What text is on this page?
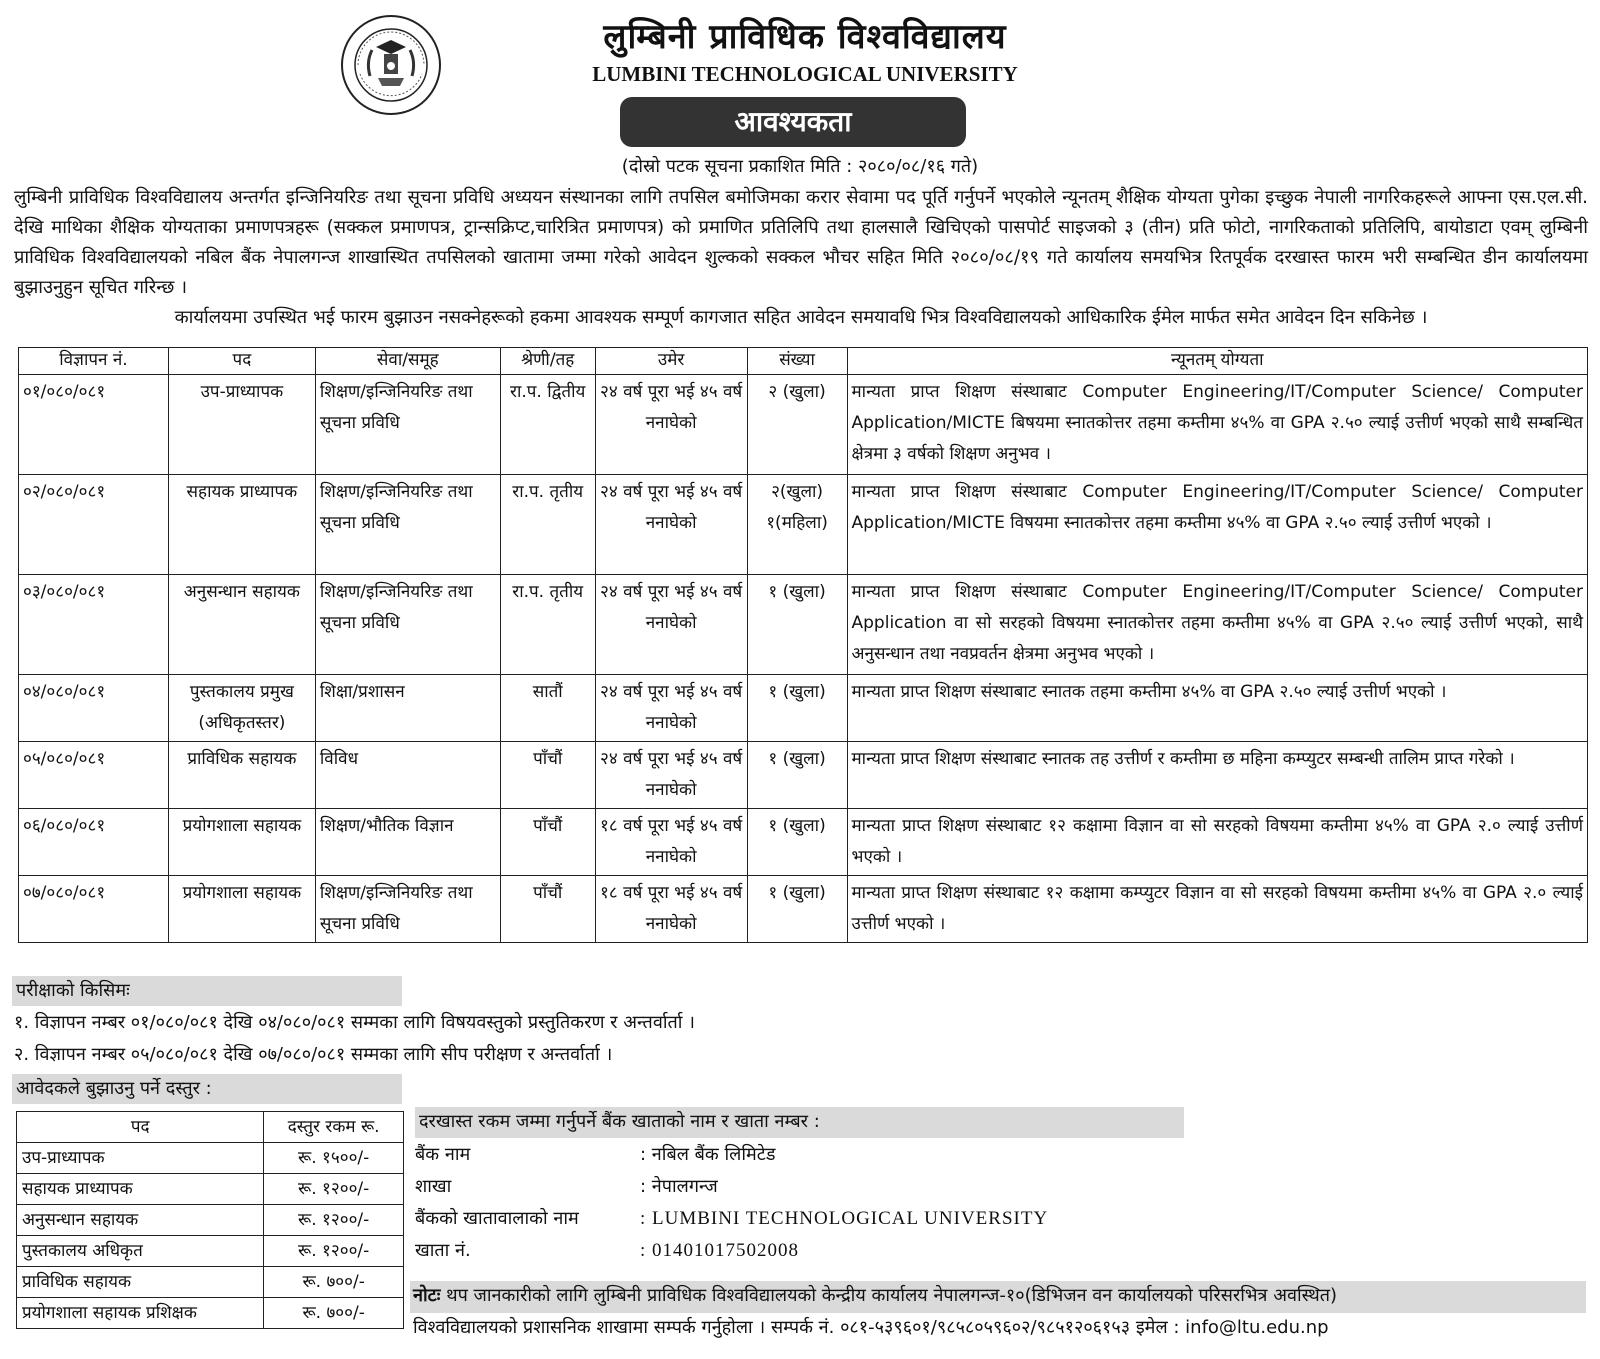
लुम्बिनी प्राविधिक विश्वविद्यालय
LUMBINI TECHNOLOGICAL UNIVERSITY
आवश्यकता
(दोस्रो पटक सूचना प्रकाशित मिति : २०८०/०८/१६ गते)

लुम्बिनी प्राविधिक विश्वविद्यालय अन्तर्गत इन्जिनियरिङ तथा सूचना प्रविधि अध्ययन संस्थानका लागि तपसिल बमोजिमका करार सेवामा पद पूर्ति गर्नुपर्ने भएकोले न्यूनतम् शैक्षिक योग्यता पुगेका इच्छुक नेपाली नागरिकहरूले आफ्ना एस.एल.सी. देखि माथिका शैक्षिक योग्यताका प्रमाणपत्रहरू (सक्कल प्रमाणपत्र, ट्रान्सक्रिप्ट,चारित्रित प्रमाणपत्र) को प्रमाणित प्रतिलिपि तथा हालसालै खिचिएको पासपोर्ट साइजको ३ (तीन) प्रति फोटो, नागरिकताको प्रतिलिपि, बायोडाटा एवम् लुम्बिनी प्राविधिक विश्वविद्यालयको नबिल बैंक नेपालगन्ज शाखास्थित तपसिलको खातामा जम्मा गरेको आवेदन शुल्कको सक्कल भौचर सहित मिति २०८०/०८/१९ गते कार्यालय समयभित्र रितपूर्वक दरखास्त फारम भरी सम्बन्धित डीन कार्यालयमा बुझाउनुहुन सूचित गरिन्छ ।

कार्यालयमा उपस्थित भई फारम बुझाउन नसक्नेहरूको हकमा आवश्यक सम्पूर्ण कागजात सहित आवेदन समयावधि भित्र विश्वविद्यालयको आधिकारिक ईमेल मार्फत समेत आवेदन दिन सकिनेछ ।

विज्ञापन नं.	पद	सेवा/समूह	श्रेणी/तह	उमेर	संख्या	न्यूनतम् योग्यता
०१/०८०/०८१	उप-प्राध्यापक	शिक्षण/इन्जिनियरिङ तथा सूचना प्रविधि	रा.प. द्वितीय	२४ वर्ष पूरा भई ४५ वर्ष ननाघेको	२ (खुला)	मान्यता प्राप्त शिक्षण संस्थाबाट Computer Engineering/IT/Computer Science/ Computer Application/MICTE बिषयमा स्नातकोत्तर तहमा कम्तीमा ४५% वा GPA २.५० ल्याई उत्तीर्ण भएको साथै सम्बन्धित क्षेत्रमा ३ वर्षको शिक्षण अनुभव ।
०२/०८०/०८१	सहायक प्राध्यापक	शिक्षण/इन्जिनियरिङ तथा सूचना प्रविधि	रा.प. तृतीय	२४ वर्ष पूरा भई ४५ वर्ष ननाघेको	२(खुला) १(महिला)	मान्यता प्राप्त शिक्षण संस्थाबाट Computer Engineering/IT/Computer Science/ Computer Application/MICTE विषयमा स्नातकोत्तर तहमा कम्तीमा ४५% वा GPA २.५० ल्याई उत्तीर्ण भएको ।
०३/०८०/०८१	अनुसन्धान सहायक	शिक्षण/इन्जिनियरिङ तथा सूचना प्रविधि	रा.प. तृतीय	२४ वर्ष पूरा भई ४५ वर्ष ननाघेको	१ (खुला)	मान्यता प्राप्त शिक्षण संस्थाबाट Computer Engineering/IT/Computer Science/ Computer Application वा सो सरहको विषयमा स्नातकोत्तर तहमा कम्तीमा ४५% वा GPA २.५० ल्याई उत्तीर्ण भएको, साथै अनुसन्धान तथा नवप्रवर्तन क्षेत्रमा अनुभव भएको ।
०४/०८०/०८१	पुस्तकालय प्रमुख (अधिकृतस्तर)	शिक्षा/प्रशासन	सातौं	२४ वर्ष पूरा भई ४५ वर्ष ननाघेको	१ (खुला)	मान्यता प्राप्त शिक्षण संस्थाबाट स्नातक तहमा कम्तीमा ४५% वा GPA २.५० ल्याई उत्तीर्ण भएको ।
०५/०८०/०८१	प्राविधिक सहायक	विविध	पाँचौं	२४ वर्ष पूरा भई ४५ वर्ष ननाघेको	१ (खुला)	मान्यता प्राप्त शिक्षण संस्थाबाट स्नातक तह उत्तीर्ण र कम्तीमा छ महिना कम्प्युटर सम्बन्धी तालिम प्राप्त गरेको ।
०६/०८०/०८१	प्रयोगशाला सहायक	शिक्षण/भौतिक विज्ञान	पाँचौं	१८ वर्ष पूरा भई ४५ वर्ष ननाघेको	१ (खुला)	मान्यता प्राप्त शिक्षण संस्थाबाट १२ कक्षामा विज्ञान वा सो सरहको विषयमा कम्तीमा ४५% वा GPA २.० ल्याई उत्तीर्ण भएको ।
०७/०८०/०८१	प्रयोगशाला सहायक	शिक्षण/इन्जिनियरिङ तथा सूचना प्रविधि	पाँचौं	१८ वर्ष पूरा भई ४५ वर्ष ननाघेको	१ (खुला)	मान्यता प्राप्त शिक्षण संस्थाबाट १२ कक्षामा कम्प्युटर विज्ञान वा सो सरहको विषयमा कम्तीमा ४५% वा GPA २.० ल्याई उत्तीर्ण भएको ।
परीक्षाको किसिमः
१. विज्ञापन नम्बर ०१/०८०/०८१ देखि ०४/०८०/०८१ सम्मका लागि विषयवस्तुको प्रस्तुतिकरण र अन्तर्वार्ता ।
२. विज्ञापन नम्बर ०५/०८०/०८१ देखि ०७/०८०/०८१ सम्मका लागि सीप परीक्षण र अन्तर्वार्ता ।
आवेदकले बुझाउनु पर्ने दस्तुर :
पद	दस्तुर रकम रू.
उप-प्राध्यापक	रू. १५००/-
सहायक प्राध्यापक	रू. १२००/-
अनुसन्धान सहायक	रू. १२००/-
पुस्तकालय अधिकृत	रू. १२००/-
प्राविधिक सहायक	रू. ७००/-
प्रयोगशाला सहायक प्रशिक्षक	रू. ७००/-
दरखास्त रकम जम्मा गर्नुपर्ने बैंक खाताको नाम र खाता नम्बर :
बैंक नाम	: नबिल बैंक लिमिटेड
शाखा	: नेपालगन्ज
बैंकको खातावालाको नाम	: LUMBINI TECHNOLOGICAL UNIVERSITY
खाता नं.	: 01401017502008
नोटः थप जानकारीको लागि लुम्बिनी प्राविधिक विश्वविद्यालयको केन्द्रीय कार्यालय नेपालगन्ज-१०(डिभिजन वन कार्यालयको परिसरभित्र अवस्थित)
विश्वविद्यालयको प्रशासनिक शाखामा सम्पर्क गर्नुहोला । सम्पर्क नं. ०८१-५३९६०१/९८५८०५९६०२/९८५१२०६१५३ इमेल : info@ltu.edu.np
